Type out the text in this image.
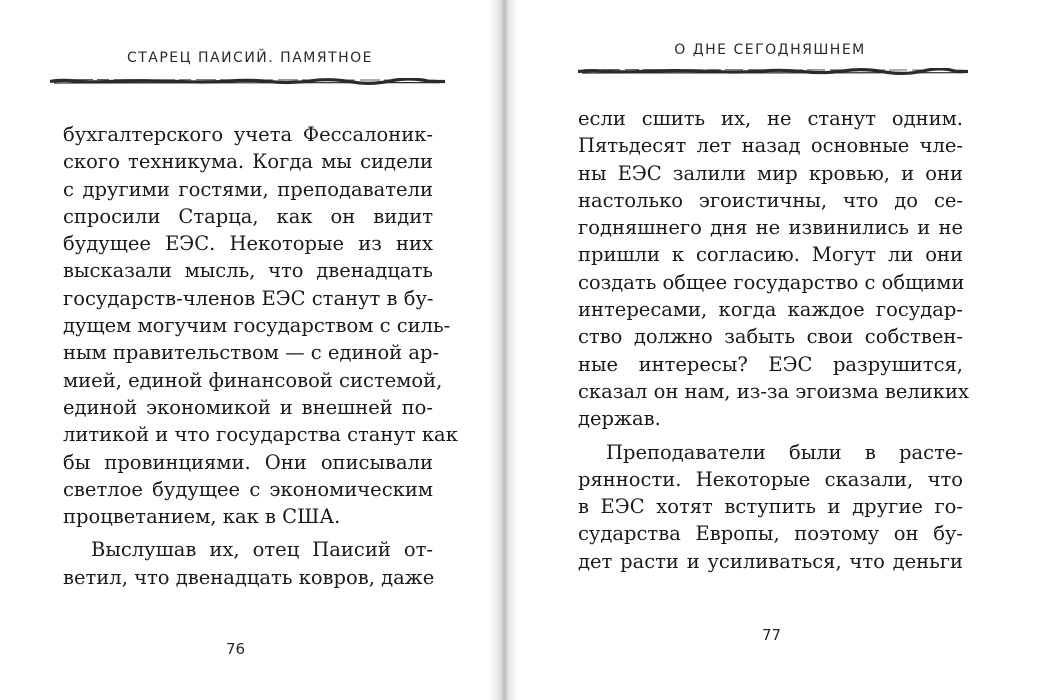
СТАРЕЦ ПАИСИЙ. ПАМЯТНОЕ
бухгалтерского учета Фессалоник-
ского техникума. Когда мы сидели
с другими гостями, преподаватели
спросили Старца, как он видит
будущее ЕЭС. Некоторые из них
высказали мысль, что двенадцать
государств-членов ЕЭС станут в бу-
дущем могучим государством с силь-
ным правительством — с единой ар-
мией, единой финансовой системой,
единой экономикой и внешней по-
литикой и что государства станут как
бы провинциями. Они описывали
светлое будущее с экономическим
процветанием, как в США.
Выслушав их, отец Паисий от-
ветил, что двенадцать ковров, даже
76
О ДНЕ СЕГОДНЯШНЕМ
если сшить их, не станут одним.
Пятьдесят лет назад основные чле-
ны ЕЭС залили мир кровью, и они
настолько эгоистичны, что до се-
годняшнего дня не извинились и не
пришли к согласию. Могут ли они
создать общее государство с общими
интересами, когда каждое государ-
ство должно забыть свои собствен-
ные интересы? ЕЭС разрушится,
сказал он нам, из-за эгоизма великих
держав.
Преподаватели были в расте-
рянности. Некоторые сказали, что
в ЕЭС хотят вступить и другие го-
сударства Европы, поэтому он бу-
дет расти и усиливаться, что деньги
77
